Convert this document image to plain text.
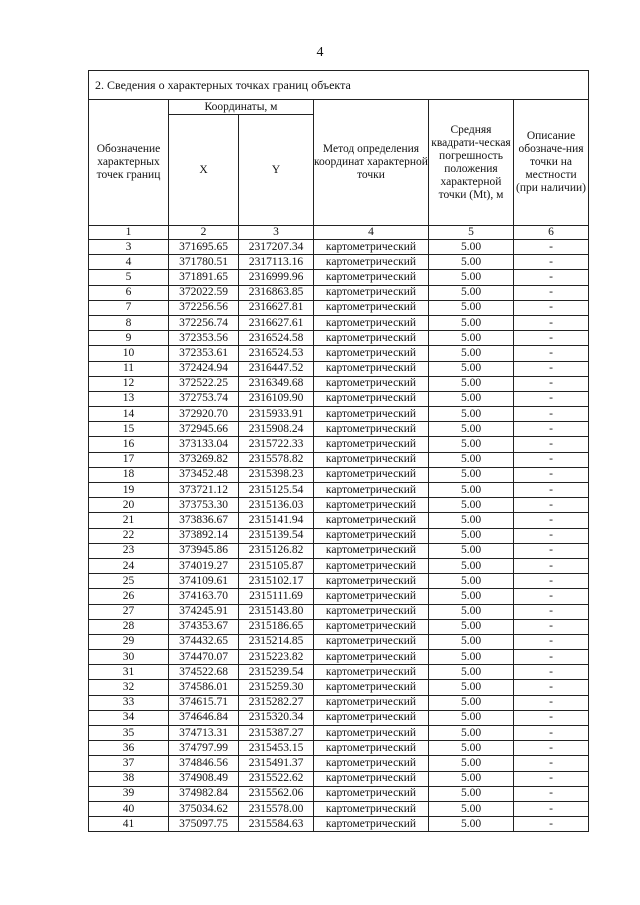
4
2. Сведения о характерных точках границ объекта					
Обозначение характерных точек границ	Координаты, м		Метод определения координат характерной точки	Средняя квадрати-ческая погрешность положения характерной точки (Mt), м	Описание обозначе-ния точки на местности (при наличии)
	X	Y			
1	2	3	4	5	6
3	371695.65	2317207.34	картометрический	5.00	-
4	371780.51	2317113.16	картометрический	5.00	-
5	371891.65	2316999.96	картометрический	5.00	-
6	372022.59	2316863.85	картометрический	5.00	-
7	372256.56	2316627.81	картометрический	5.00	-
8	372256.74	2316627.61	картометрический	5.00	-
9	372353.56	2316524.58	картометрический	5.00	-
10	372353.61	2316524.53	картометрический	5.00	-
11	372424.94	2316447.52	картометрический	5.00	-
12	372522.25	2316349.68	картометрический	5.00	-
13	372753.74	2316109.90	картометрический	5.00	-
14	372920.70	2315933.91	картометрический	5.00	-
15	372945.66	2315908.24	картометрический	5.00	-
16	373133.04	2315722.33	картометрический	5.00	-
17	373269.82	2315578.82	картометрический	5.00	-
18	373452.48	2315398.23	картометрический	5.00	-
19	373721.12	2315125.54	картометрический	5.00	-
20	373753.30	2315136.03	картометрический	5.00	-
21	373836.67	2315141.94	картометрический	5.00	-
22	373892.14	2315139.54	картометрический	5.00	-
23	373945.86	2315126.82	картометрический	5.00	-
24	374019.27	2315105.87	картометрический	5.00	-
25	374109.61	2315102.17	картометрический	5.00	-
26	374163.70	2315111.69	картометрический	5.00	-
27	374245.91	2315143.80	картометрический	5.00	-
28	374353.67	2315186.65	картометрический	5.00	-
29	374432.65	2315214.85	картометрический	5.00	-
30	374470.07	2315223.82	картометрический	5.00	-
31	374522.68	2315239.54	картометрический	5.00	-
32	374586.01	2315259.30	картометрический	5.00	-
33	374615.71	2315282.27	картометрический	5.00	-
34	374646.84	2315320.34	картометрический	5.00	-
35	374713.31	2315387.27	картометрический	5.00	-
36	374797.99	2315453.15	картометрический	5.00	-
37	374846.56	2315491.37	картометрический	5.00	-
38	374908.49	2315522.62	картометрический	5.00	-
39	374982.84	2315562.06	картометрический	5.00	-
40	375034.62	2315578.00	картометрический	5.00	-
41	375097.75	2315584.63	картометрический	5.00	-
